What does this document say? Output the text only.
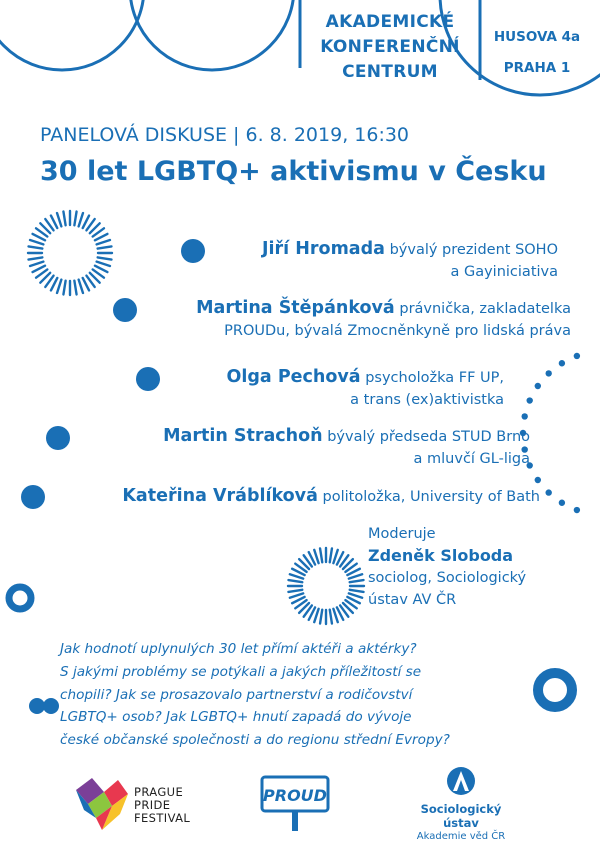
AKADEMICKÉ
KONFERENČNÍ
CENTRUM
HUSOVA 4a
PRAHA 1
PANELOVÁ DISKUSE | 6. 8. 2019, 16:30
30 let LGBTQ+ aktivismu v Česku
Jiří Hromada bývalý prezident SOHO
a Gayiniciativa
Martina Štěpánková právnička, zakladatelka
PROUDu, bývalá Zmocněnkyně pro lidská práva
Olga Pechová psycholožka FF UP,
a trans (ex)aktivistka
Martin Strachoň bývalý předseda STUD Brno
a mluvčí GL-liga
Kateřina Vráblíková politoložka, University of Bath
Moderuje
Zdeněk Sloboda
sociolog, Sociologický
ústav AV ČR
Jak hodnotí uplynulých 30 let přímí aktéři a aktérky?
S jakými problémy se potýkali a jakých příležitostí se
chopili? Jak se prosazovalo partnerství a rodičovství
LGBTQ+ osob? Jak LGBTQ+ hnutí zapadá do vývoje
české občanské společnosti a do regionu střední Evropy?
PRAGUE
PRIDE
FESTIVAL
PROUD
Sociologický ústav
Akademie věd ČR
